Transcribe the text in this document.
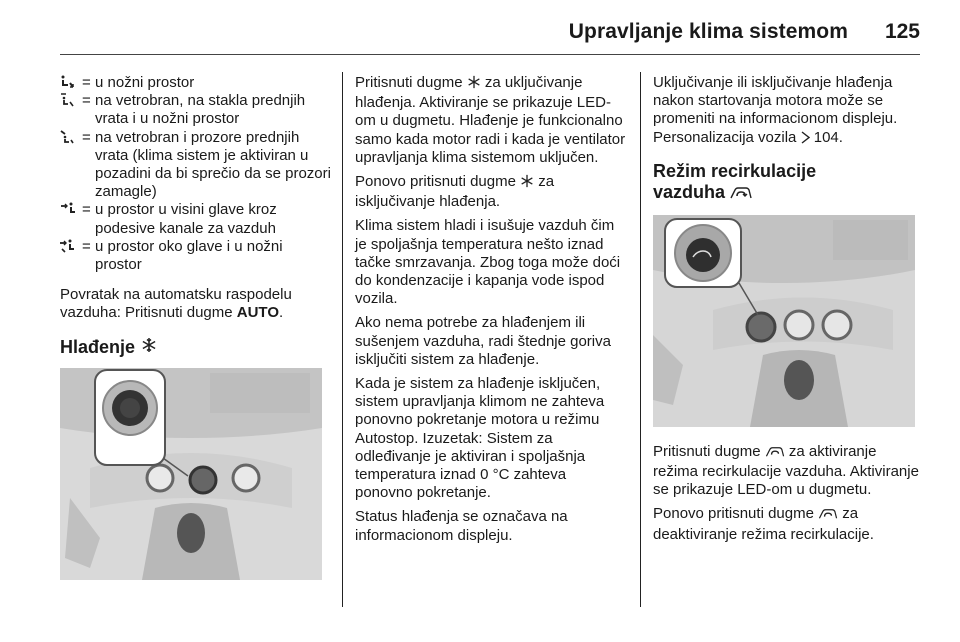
Upravljanje klima sistemom 125
= u nožni prostor
= na vetrobran, na stakla prednjih vrata i u nožni prostor
= na vetrobran i prozore prednjih vrata (klima sistem je aktiviran u pozadini da bi sprečio da se prozori zamagle)
= u prostor u visini glave kroz podesive kanale za vazduh
= u prostor oko glave i u nožni prostor

Povratak na automatsku raspodelu vazduha: Pritisnuti dugme AUTO.

Hlađenje

Pritisnuti dugme  za uključivanje hlađenja. Aktiviranje se prikazuje LED-om u dugmetu. Hlađenje je funkcionalno samo kada motor radi i kada je ventilator upravljanja klima sistemom uključen.

Ponovo pritisnuti dugme  za isključivanje hlađenja.

Klima sistem hladi i isušuje vazduh čim je spoljašnja temperatura nešto iznad tačke smrzavanja. Zbog toga može doći do kondenzacije i kapanja vode ispod vozila.

Ako nema potrebe za hlađenjem ili sušenjem vazduha, radi štednje goriva isključiti sistem za hlađenje.

Kada je sistem za hlađenje isključen, sistem upravljanja klimom ne zahteva ponovno pokretanje motora u režimu Autostop. Izuzetak: Sistem za odleđivanje je aktiviran i spoljašnja temperatura iznad 0 °C zahteva ponovno pokretanje.

Status hlađenja se označava na informacionom displeju.

Uključivanje ili isključivanje hlađenja nakon startovanja motora može se promeniti na informacionom displeju. Personalizacija vozila  104.

Režim recirkulacije
vazduha

Pritisnuti dugme  za aktiviranje režima recirkulacije vazduha. Aktiviranje se prikazuje LED-om u dugmetu.

Ponovo pritisnuti dugme  za deaktiviranje režima recirkulacije.
